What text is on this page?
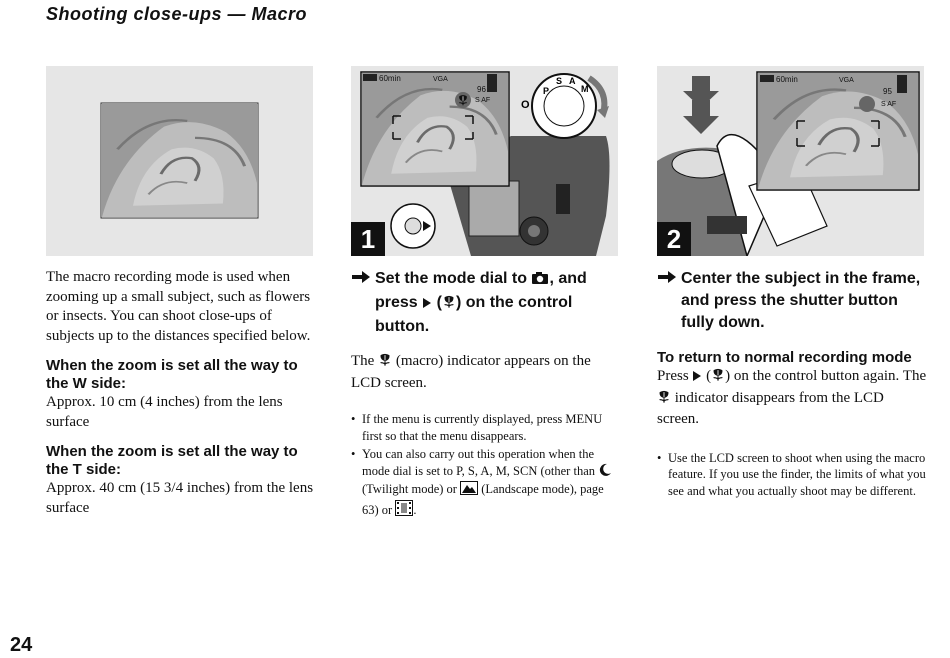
Shooting close-ups — Macro
P
S A
M
O
60min	VGA
96
S AF
1
60min	VGA
95
S AF
2
The macro recording mode is used when zooming up a small subject, such as flowers or insects. You can shoot close-ups of subjects up to the distances specified below.
When the zoom is set all the way to the W side:
Approx. 10 cm (4 inches) from the lens surface
When the zoom is set all the way to the T side:
Approx. 40 cm (15 3/4 inches) from the lens surface
Set the mode dial to , and press ( ) on the control button.
The (macro) indicator appears on the LCD screen.
• If the menu is currently displayed, press MENU first so that the menu disappears.
• You can also carry out this operation when the mode dial is set to P, S, A, M, SCN (other than  (Twilight mode) or (Landscape mode), page 63) or .
Center the subject in the frame, and press the shutter button fully down.
To return to normal recording mode
Press ( ) on the control button again. The  indicator disappears from the LCD screen.
• Use the LCD screen to shoot when using the macro feature. If you use the finder, the limits of what you see and what you actually shoot may be different.
24
